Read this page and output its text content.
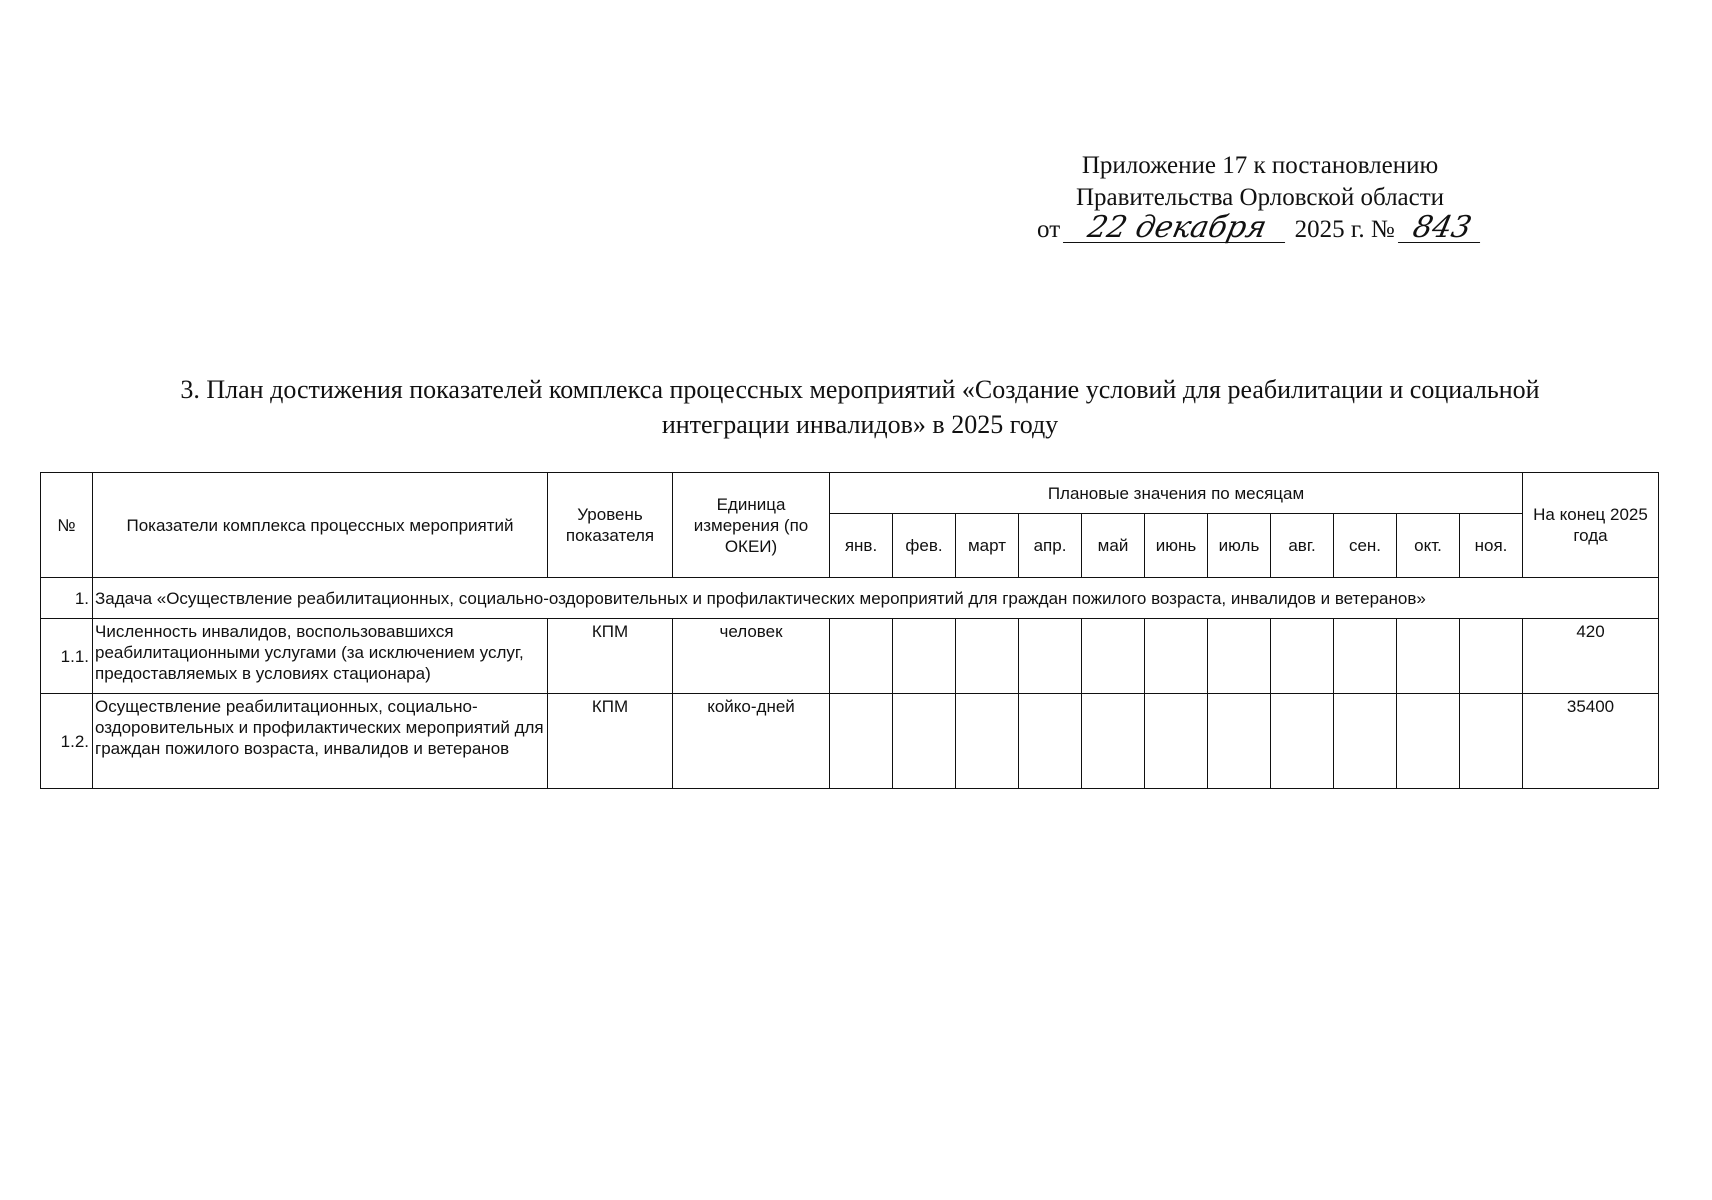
Приложение 17 к постановлению
Правительства Орловской области
от 22 декабря 2025 г. № 843
3. План достижения показателей комплекса процессных мероприятий «Создание условий для реабилитации и социальной
интеграции инвалидов» в 2025 году
№	Показатели комплекса процессных мероприятий	Уровень показателя	Единица измерения (по ОКЕИ)	Плановые значения по месяцам											На конец 2025 года
				янв.	фев.	март	апр.	май	июнь	июль	авг.	сен.	окт.	ноя.	
1.	Задача «Осуществление реабилитационных, социально-оздоровительных и профилактических мероприятий для граждан пожилого возраста, инвалидов и ветеранов»														
1.1.	Численность инвалидов, воспользовавшихся реабилитационными услугами (за исключением услуг, предоставляемых в условиях стационара)	КПМ	человек												420
1.2.	Осуществление реабилитационных, социально-оздоровительных и профилактических мероприятий для граждан пожилого возраста, инвалидов и ветеранов	КПМ	койко-дней												35400
